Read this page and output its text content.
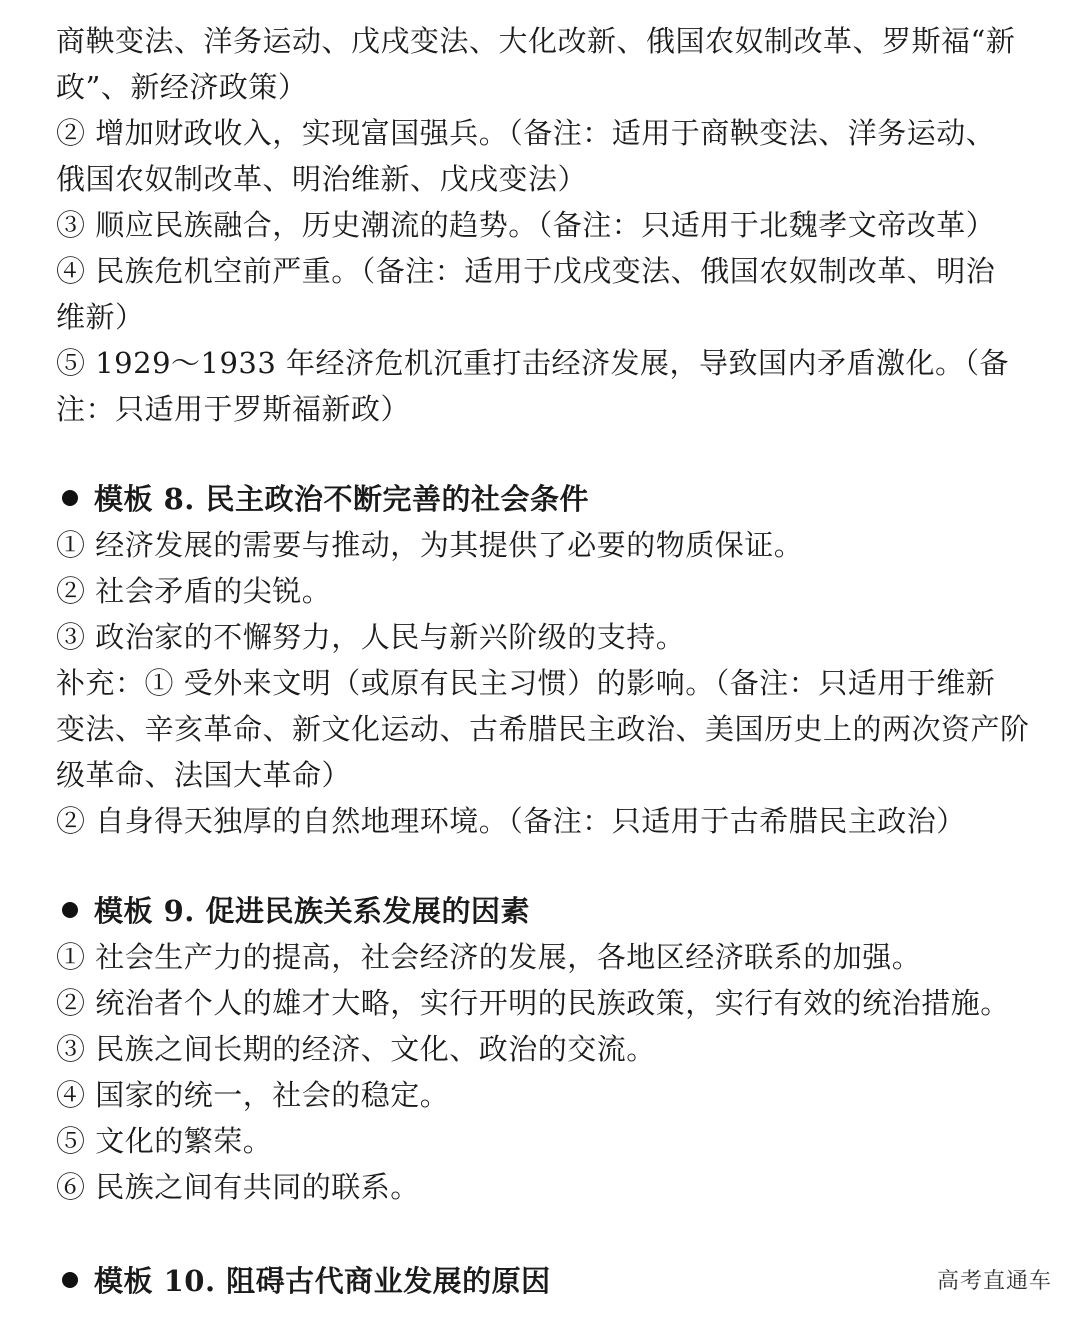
商鞅变法、洋务运动、戊戌变法、大化改新、俄国农奴制改革、罗斯福“新
政”、新经济政策）
② 增加财政收入，实现富国强兵。（备注：适用于商鞅变法、洋务运动、
俄国农奴制改革、明治维新、戊戌变法）
③ 顺应民族融合，历史潮流的趋势。（备注：只适用于北魏孝文帝改革）
④ 民族危机空前严重。（备注：适用于戊戌变法、俄国农奴制改革、明治
维新）
⑤ 1929～1933 年经济危机沉重打击经济发展，导致国内矛盾激化。（备
注：只适用于罗斯福新政）
模板 8. 民主政治不断完善的社会条件
① 经济发展的需要与推动，为其提供了必要的物质保证。
② 社会矛盾的尖锐。
③ 政治家的不懈努力，人民与新兴阶级的支持。
补充：① 受外来文明（或原有民主习惯）的影响。（备注：只适用于维新
变法、辛亥革命、新文化运动、古希腊民主政治、美国历史上的两次资产阶
级革命、法国大革命）
② 自身得天独厚的自然地理环境。（备注：只适用于古希腊民主政治）
模板 9. 促进民族关系发展的因素
① 社会生产力的提高，社会经济的发展，各地区经济联系的加强。
② 统治者个人的雄才大略，实行开明的民族政策，实行有效的统治措施。
③ 民族之间长期的经济、文化、政治的交流。
④ 国家的统一，社会的稳定。
⑤ 文化的繁荣。
⑥ 民族之间有共同的联系。
模板 10. 阻碍古代商业发展的原因	高考直通车
